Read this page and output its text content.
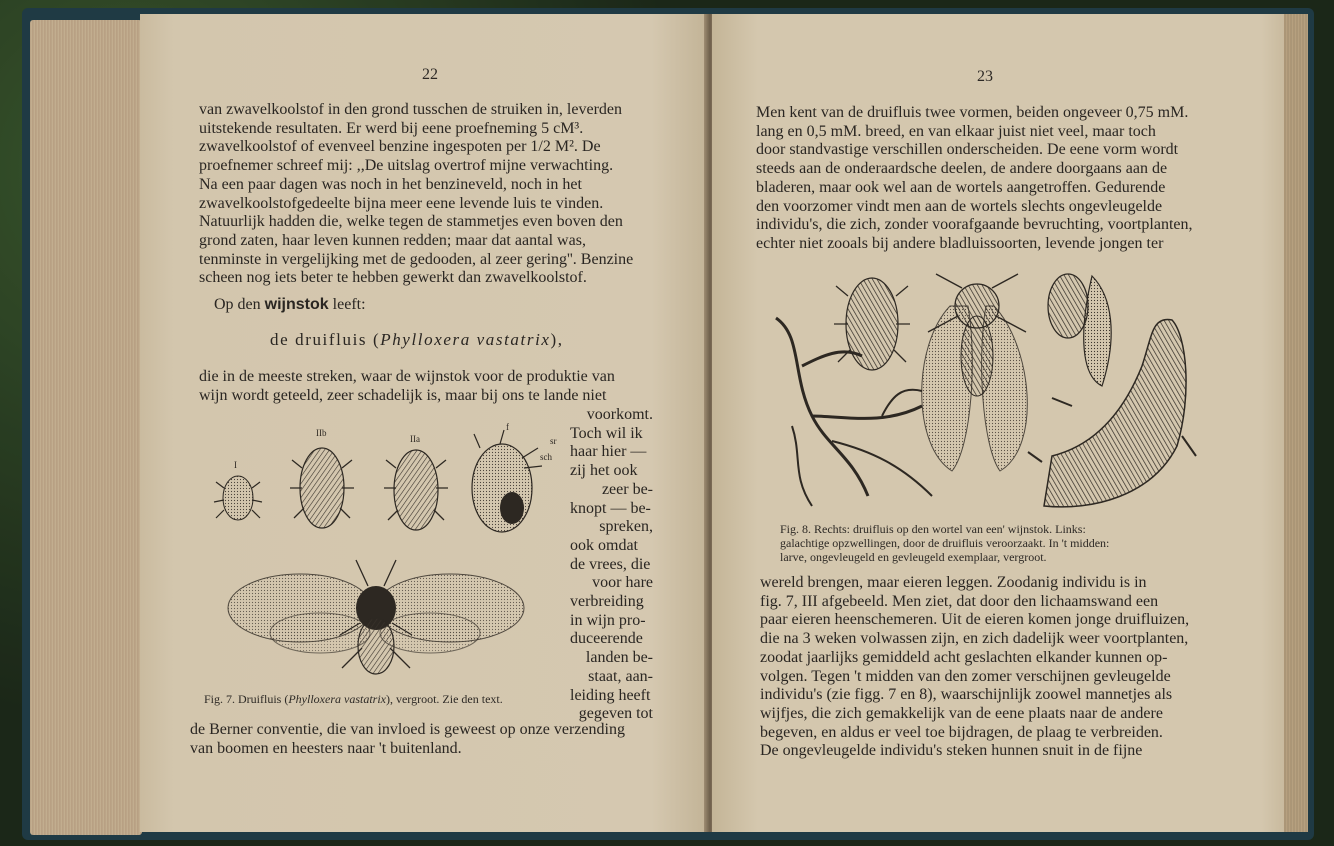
22

van zwavelkoolstof in den grond tusschen de struiken in, leverden

uitstekende resultaten. Er werd bij eene proefneming 5 cM³.

zwavelkoolstof of evenveel benzine ingespoten per 1/2 M². De

proefnemer schreef mij: ,,De uitslag overtrof mijne verwachting.

Na een paar dagen was noch in het benzineveld, noch in het

zwavelkoolstofgedeelte bijna meer eene levende luis te vinden.

Natuurlijk hadden die, welke tegen de stammetjes even boven den

grond zaten, haar leven kunnen redden; maar dat aantal was,

tenminste in vergelijking met de gedooden, al zeer gering''. Benzine

scheen nog iets beter te hebben gewerkt dan zwavelkoolstof.

Op den wijnstok leeft:
de druifluis (Phylloxera vastatrix),

die in de meeste streken, waar de wijnstok voor de produktie van

wijn wordt geteeld, zeer schadelijk is, maar bij ons te lande niet

voorkomt.
Toch wil ik
haar hier —
zij het ook
zeer be-
knopt — be-
spreken,
ook omdat
de vrees, die
voor hare
verbreiding
in wijn pro-
duceerende
landen be-
staat, aan-
leiding heeft
gegeven tot
I
IIb
IIa
f
sr
sch
Fig. 7. Druifluis (Phylloxera vastatrix), vergroot. Zie den text.

de Berner conventie, die van invloed is geweest op onze verzending

van boomen en heesters naar 't buitenland.

23

Men kent van de druifluis twee vormen, beiden ongeveer 0,75 mM.

lang en 0,5 mM. breed, en van elkaar juist niet veel, maar toch

door standvastige verschillen onderscheiden. De eene vorm wordt

steeds aan de onderaardsche deelen, de andere doorgaans aan de

bladeren, maar ook wel aan de wortels aangetroffen. Gedurende

den voorzomer vindt men aan de wortels slechts ongevleugelde

individu's, die zich, zonder voorafgaande bevruchting, voortplanten,

echter niet zooals bij andere bladluissoorten, levende jongen ter

Fig. 8. Rechts: druifluis op den wortel van een' wijnstok. Links:
galachtige opzwellingen, door de druifluis veroorzaakt. In 't midden:
larve, ongevleugeld en gevleugeld exemplaar, vergroot.

wereld brengen, maar eieren leggen. Zoodanig individu is in

fig. 7, III afgebeeld. Men ziet, dat door den lichaamswand een

paar eieren heenschemeren. Uit de eieren komen jonge druifluizen,

die na 3 weken volwassen zijn, en zich dadelijk weer voortplanten,

zoodat jaarlijks gemiddeld acht geslachten elkander kunnen op-

volgen. Tegen 't midden van den zomer verschijnen gevleugelde

individu's (zie figg. 7 en 8), waarschijnlijk zoowel mannetjes als

wijfjes, die zich gemakkelijk van de eene plaats naar de andere

begeven, en aldus er veel toe bijdragen, de plaag te verbreiden.

De ongevleugelde individu's steken hunnen snuit in de fijne
